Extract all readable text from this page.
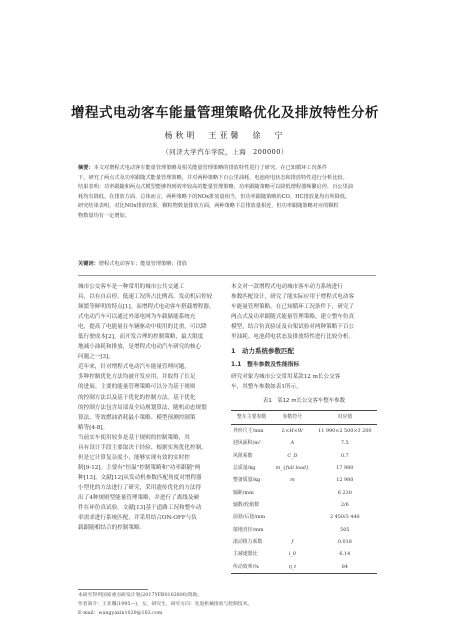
增程式电动客车能量管理策略优化及排放特性分析
杨秋明　王亚馨　徐　宁
（同济大学汽车学院，上海　200000）
摘要：本文对增程式电动客车能量管理策略及相关能量管理策略的排放特性进行了研究。在已知循环工况条件
下，研究了两点式及功率跟随式能量管理策略，并对两种策略下百公里油耗、电池荷电状态和排放特性进行分析比较。
结果表明：功率跟随和两点式模型能够得到效率较高的能量管理策略，功率跟随策略可以降低增程器频繁启停，百公里油
耗均有降低。在排放方面，总体而言，两种策略下的NOx排放量相当，但功率跟随策略的CO、HC排放量均有所降低。
研究结果表明，对比NOx排放结果，颗粒物数量排放方面，两种策略下总排放量相近，但功率跟随策略对应的颗粒
物数量均有一定增加。
关键词：增程式电动客车；能量管理策略；排放
城市公交客车是一种常用的城市公共交通工
具，以有自启停、低速工况所占比例高、发动机启停较
频繁等鲜明的特点[1]。而增程式电动客车搭载增程器，
式电动汽车可以通过外部电网为车载储能系统充
电，提高了电能量在车辆驱动中使用的比重，可以降
低行驶成本[2]。而开发合理的控制策略，最大限度
地减小油耗和排放，是增程式电动汽车研究的核心
问题之一[3]。
近年来，针对增程式电动汽车能量管理问题，
多种控制优化方法均被开发应用，并取得了长足
的进展。主要的能量管理策略可以分为基于规则
的控制方法以及基于优化的控制方法。基于优化
的控制方法包含局部及全局规划算法，随机动态规划
算法、等效燃油消耗最小策略、模型预测控制策
略等[4-8]。
当前实车使用较多是基于规则的控制策略，其
具有设计手段主要取决于经验、根据实现优化控制，
但是它计算复杂度小，能够实现有效的实时控
制[9-12]。主要有"恒温"控制策略和"功率跟随"两
种[13]。文献[12]从发动机参数匹配角度对增程器
小型化的方法进行了研究，采用遗传优化的方法得
出了4种规则型能量管理策略，并进行了离线及硬
件在环仿真试验。文献[13]基于道路工况和整车动
率需求进行系统匹配，并采用结合ON-OFF与负
载跟随相结合的控制策略。
本文对一款增程式电动城市客车动力系统进行
参数匹配设计，研究了能实际应用于增程式电动客
车能量管理策略。在已知循环工况条件下，研究了
两点式及功率跟随式能量管理策略，建立整车仿真
模型，结合仿真验证及台架试验对两种策略下百公
里油耗、电池荷电状态及排放特性进行比较分析。
1　动力系统参数匹配
1.1　整车参数及性能指标
研究对象为城市公交常用某款12 m长公交客
车，其整车参数如表1所示。
表1　某12 m长公交客车整车参数
整车主要参数	参数符号	对应值
外形尺寸/mm	L×H×W	11 990×2 500×3 200
迎风面积/m²	A	7.5
风阻系数	C_D	0.7
总质量/kg	m_{full load}	17 980
整备质量/kg	m	12 980
轴距/mm		6 230
轴数/轮胎数		2/6
前悬/后悬/mm		2 450/3 440
接地直径/mm		505
滚动阻力系数	f	0.018
主减速器比	i_0	6.14
传动效率/%	η_t	84
本研究得到国家重点研发计划(2017YFB0102800)资助。
作者简介：王亚馨(1995—)，女，研究生，研究方向：先进机械排放与控制技术。
E-mail：wangyaxin1029@163.com
